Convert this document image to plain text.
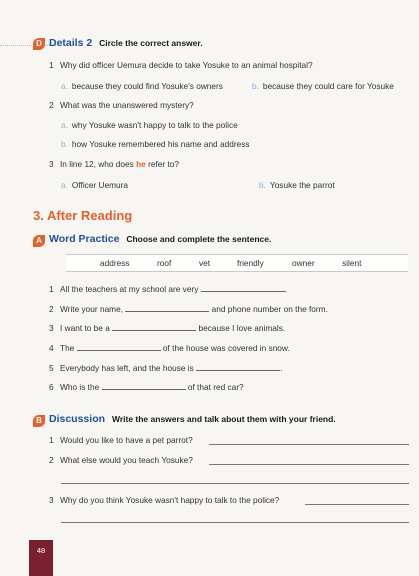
D Details 2 Circle the correct answer.
1 Why did officer Uemura decide to take Yosuke to an animal hospital?
a. because they could find Yosuke's owners	b. because they could care for Yosuke
2 What was the unanswered mystery?
a. why Yosuke wasn't happy to talk to the police
b. how Yosuke remembered his name and address
3 In line 12, who does he refer to?
a. Officer Uemura	b. Yosuke the parrot
3. After Reading
A Word Practice Choose and complete the sentence.
address	roof	vet	friendly	owner	silent
1 All the teachers at my school are very	.
2 Write your name,	and phone number on the form.
3 I want to be a	because I love animals.
4 The	of the house was covered in snow.
5 Everybody has left, and the house is	.
6 Who is the	of that red car?
B Discussion Write the answers and talk about them with your friend.
1 Would you like to have a pet parrot?
2 What else would you teach Yosuke?
3 Why do you think Yosuke wasn't happy to talk to the police?
48
